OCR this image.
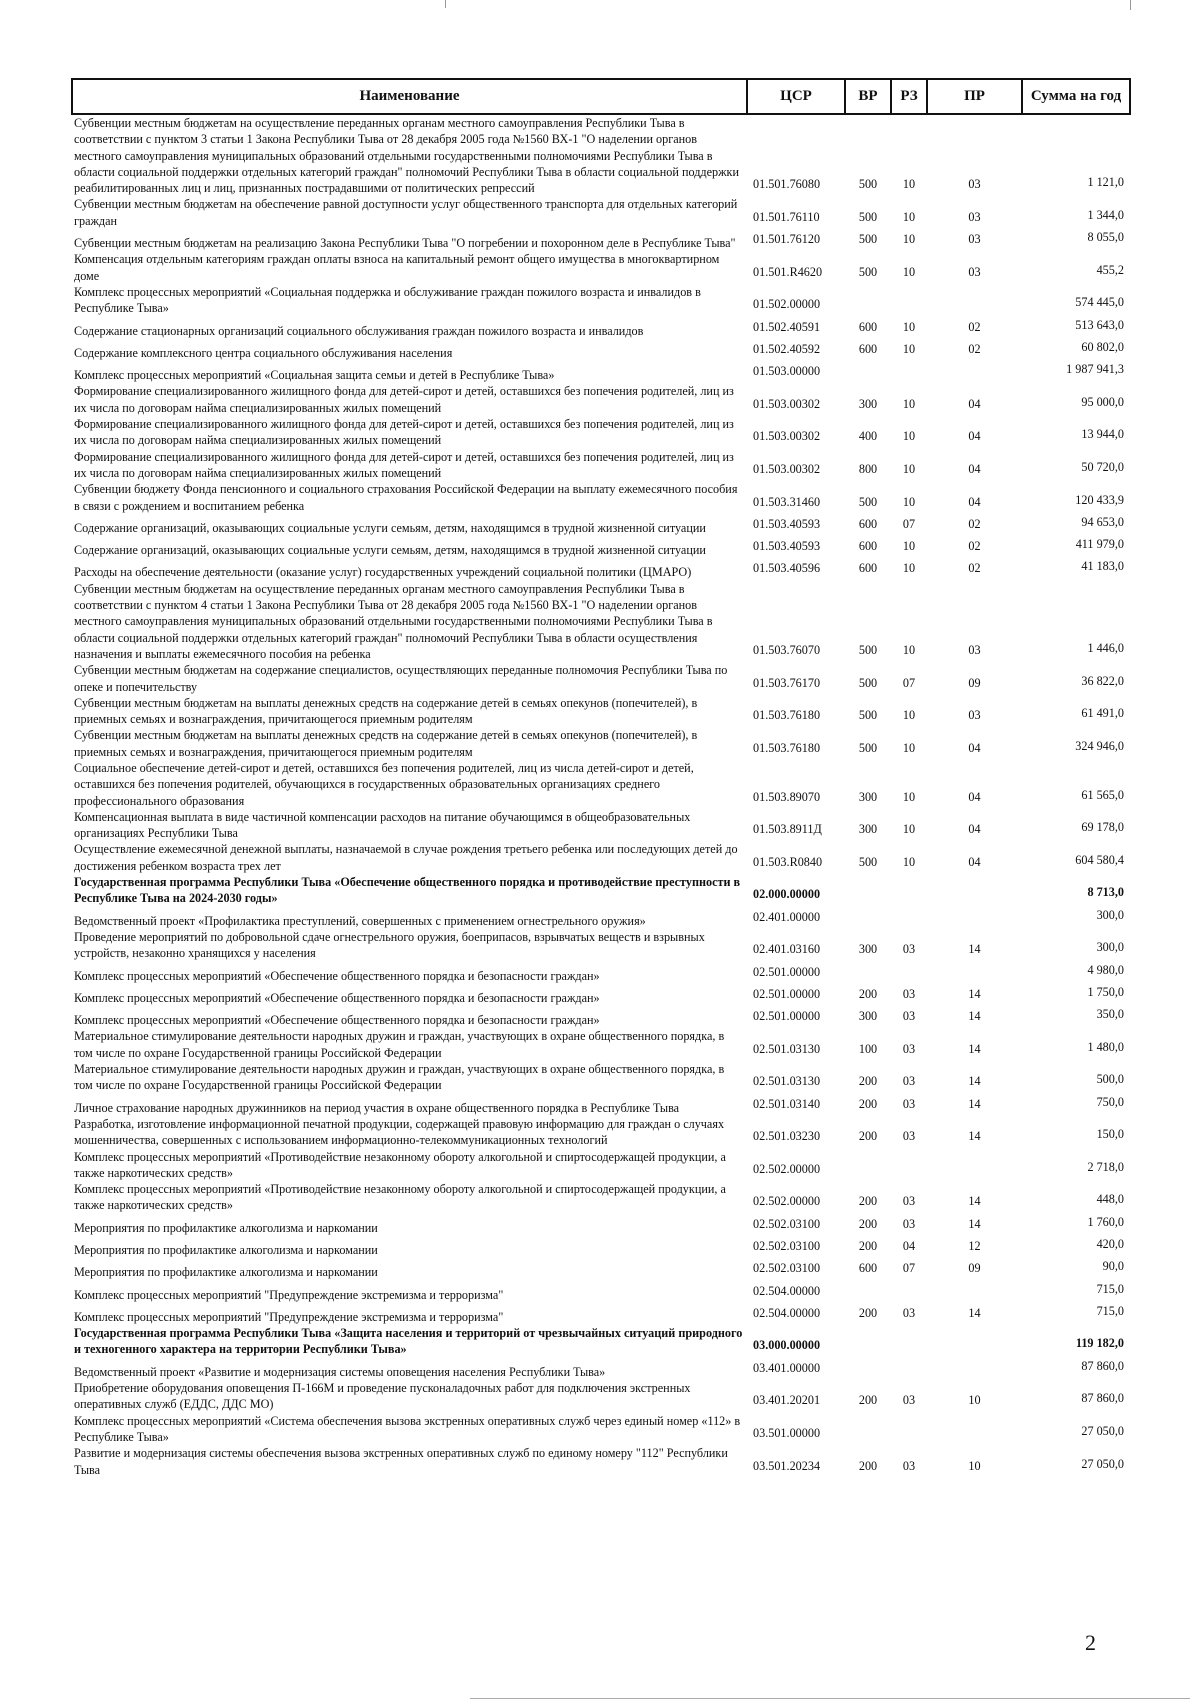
Наименование	ЦСР	ВР	РЗ	ПР	Сумма на год
Субвенции местным бюджетам на осуществление переданных органам местного самоуправления Республики Тыва в соответствии с пунктом 3 статьи 1 Закона Республики Тыва от 28 декабря 2005 года №1560 ВХ-1 "О наделении органов местного самоуправления муниципальных образований отдельными государственными полномочиями Республики Тыва в области социальной поддержки отдельных категорий граждан" полномочий Республики Тыва в области социальной поддержки реабилитированных лиц и лиц, признанных пострадавшими от политических репрессий	01.501.76080	500	10	03	1 121,0
Субвенции местным бюджетам на обеспечение равной доступности услуг общественного транспорта для отдельных категорий граждан	01.501.76110	500	10	03	1 344,0
Субвенции местным бюджетам на реализацию Закона Республики Тыва "О погребении и похоронном деле в Республике Тыва"	01.501.76120	500	10	03	8 055,0
Компенсация отдельным категориям граждан оплаты взноса на капитальный ремонт общего имущества в многоквартирном доме	01.501.R4620	500	10	03	455,2
Комплекс процессных мероприятий «Социальная поддержка и обслуживание граждан пожилого возраста и инвалидов в Республике Тыва»	01.502.00000				574 445,0
Содержание стационарных организаций социального обслуживания граждан пожилого возраста и инвалидов	01.502.40591	600	10	02	513 643,0
Содержание комплексного центра социального обслуживания населения	01.502.40592	600	10	02	60 802,0
Комплекс процессных мероприятий «Социальная защита семьи и детей в Республике Тыва»	01.503.00000				1 987 941,3
Формирование специализированного жилищного фонда для детей-сирот и детей, оставшихся без попечения родителей, лиц из их числа по договорам найма специализированных жилых помещений	01.503.00302	300	10	04	95 000,0
Формирование специализированного жилищного фонда для детей-сирот и детей, оставшихся без попечения родителей, лиц из их числа по договорам найма специализированных жилых помещений	01.503.00302	400	10	04	13 944,0
Формирование специализированного жилищного фонда для детей-сирот и детей, оставшихся без попечения родителей, лиц из их числа по договорам найма специализированных жилых помещений	01.503.00302	800	10	04	50 720,0
Субвенции бюджету Фонда пенсионного и социального страхования Российской Федерации на выплату ежемесячного пособия в связи с рождением и воспитанием ребенка	01.503.31460	500	10	04	120 433,9
Содержание организаций, оказывающих социальные услуги семьям, детям, находящимся в трудной жизненной ситуации	01.503.40593	600	07	02	94 653,0
Содержание организаций, оказывающих социальные услуги семьям, детям, находящимся в трудной жизненной ситуации	01.503.40593	600	10	02	411 979,0
Расходы на обеспечение деятельности (оказание услуг) государственных учреждений социальной политики (ЦМАРО)	01.503.40596	600	10	02	41 183,0
Субвенции местным бюджетам на осуществление переданных органам местного самоуправления Республики Тыва в соответствии с пунктом 4 статьи 1 Закона Республики Тыва от 28 декабря 2005 года №1560 ВХ-1 "О наделении органов местного самоуправления муниципальных образований отдельными государственными полномочиями Республики Тыва в области социальной поддержки отдельных категорий граждан" полномочий Республики Тыва в области осуществления назначения и выплаты ежемесячного пособия на ребенка	01.503.76070	500	10	03	1 446,0
Субвенции местным бюджетам на содержание специалистов, осуществляющих переданные полномочия Республики Тыва по опеке и попечительству	01.503.76170	500	07	09	36 822,0
Субвенции местным бюджетам на выплаты денежных средств на содержание детей в семьях опекунов (попечителей), в приемных семьях и вознаграждения, причитающегося приемным родителям	01.503.76180	500	10	03	61 491,0
Субвенции местным бюджетам на выплаты денежных средств на содержание детей в семьях опекунов (попечителей), в приемных семьях и вознаграждения, причитающегося приемным родителям	01.503.76180	500	10	04	324 946,0
Социальное обеспечение детей-сирот и детей, оставшихся без попечения родителей, лиц из числа детей-сирот и детей, оставшихся без попечения родителей, обучающихся в государственных образовательных организациях среднего профессионального образования	01.503.89070	300	10	04	61 565,0
Компенсационная выплата в виде частичной компенсации расходов на питание обучающимся в общеобразовательных организациях Республики Тыва	01.503.8911Д	300	10	04	69 178,0
Осуществление ежемесячной денежной выплаты, назначаемой в случае рождения третьего ребенка или последующих детей до достижения ребенком возраста трех лет	01.503.R0840	500	10	04	604 580,4
Государственная программа Республики Тыва «Обеспечение общественного порядка и противодействие преступности в Республике Тыва на 2024-2030 годы»	02.000.00000				8 713,0
Ведомственный проект «Профилактика преступлений, совершенных с применением огнестрельного оружия»	02.401.00000				300,0
Проведение мероприятий по добровольной сдаче огнестрельного оружия, боеприпасов, взрывчатых веществ и взрывных устройств, незаконно хранящихся у населения	02.401.03160	300	03	14	300,0
Комплекс процессных мероприятий «Обеспечение общественного порядка и безопасности граждан»	02.501.00000				4 980,0
Комплекс процессных мероприятий «Обеспечение общественного порядка и безопасности граждан»	02.501.00000	200	03	14	1 750,0
Комплекс процессных мероприятий «Обеспечение общественного порядка и безопасности граждан»	02.501.00000	300	03	14	350,0
Материальное стимулирование деятельности народных дружин и граждан, участвующих в охране общественного порядка, в том числе по охране Государственной границы Российской Федерации	02.501.03130	100	03	14	1 480,0
Материальное стимулирование деятельности народных дружин и граждан, участвующих в охране общественного порядка, в том числе по охране Государственной границы Российской Федерации	02.501.03130	200	03	14	500,0
Личное страхование народных дружинников на период участия в охране общественного порядка в Республике Тыва	02.501.03140	200	03	14	750,0
Разработка, изготовление информационной печатной продукции, содержащей правовую информацию для граждан о случаях мошенничества, совершенных с использованием информационно-телекоммуникационных технологий	02.501.03230	200	03	14	150,0
Комплекс процессных мероприятий «Противодействие незаконному обороту алкогольной и спиртосодержащей продукции, а также наркотических средств»	02.502.00000				2 718,0
Комплекс процессных мероприятий «Противодействие незаконному обороту алкогольной и спиртосодержащей продукции, а также наркотических средств»	02.502.00000	200	03	14	448,0
Мероприятия по профилактике алкоголизма и наркомании	02.502.03100	200	03	14	1 760,0
Мероприятия по профилактике алкоголизма и наркомании	02.502.03100	200	04	12	420,0
Мероприятия по профилактике алкоголизма и наркомании	02.502.03100	600	07	09	90,0
Комплекс процессных мероприятий "Предупреждение экстремизма и терроризма"	02.504.00000				715,0
Комплекс процессных мероприятий "Предупреждение экстремизма и терроризма"	02.504.00000	200	03	14	715,0
Государственная программа Республики Тыва «Защита населения и территорий от чрезвычайных ситуаций природного и техногенного характера на территории Республики Тыва»	03.000.00000				119 182,0
Ведомственный проект «Развитие и модернизация системы оповещения населения Республики Тыва»	03.401.00000				87 860,0
Приобретение оборудования оповещения П-166М и проведение пусконаладочных работ для подключения экстренных оперативных служб (ЕДДС, ДДС МО)	03.401.20201	200	03	10	87 860,0
Комплекс процессных мероприятий «Система обеспечения вызова экстренных оперативных служб через единый номер «112» в Республике Тыва»	03.501.00000				27 050,0
Развитие и модернизация системы обеспечения вызова экстренных оперативных служб по единому номеру "112" Республики Тыва	03.501.20234	200	03	10	27 050,0
2
